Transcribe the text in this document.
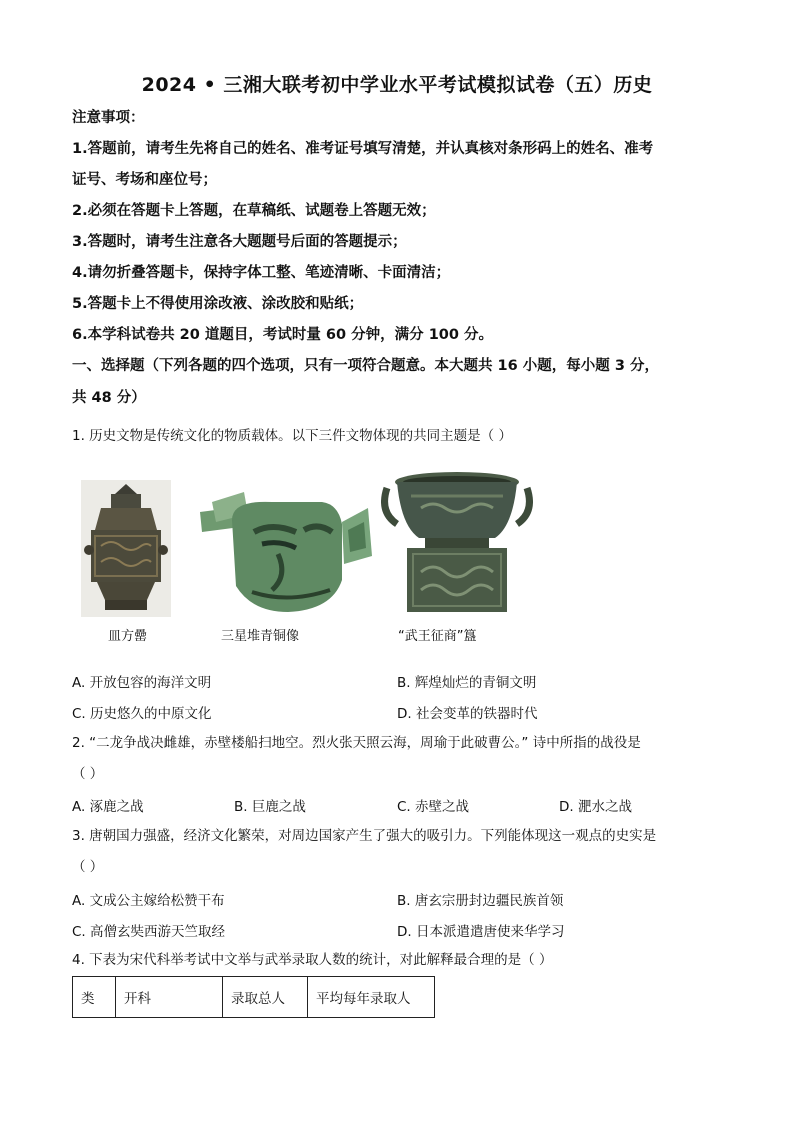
2024 • 三湘大联考初中学业水平考试模拟试卷（五）历史
注意事项：
1.答题前，请考生先将自己的姓名、准考证号填写清楚，并认真核对条形码上的姓名、准考
证号、考场和座位号；
2.必须在答题卡上答题，在草稿纸、试题卷上答题无效；
3.答题时，请考生注意各大题题号后面的答题提示；
4.请勿折叠答题卡，保持字体工整、笔迹清晰、卡面清洁；
5.答题卡上不得使用涂改液、涂改胶和贴纸；
6.本学科试卷共 20 道题目，考试时量 60 分钟，满分 100 分。
一、选择题（下列各题的四个选项，只有一项符合题意。本大题共 16 小题，每小题 3 分，
共 48 分）
1. 历史文物是传统文化的物质载体。以下三件文物体现的共同主题是（ ）
皿方罍	三星堆青铜像	“武王征商”簋
A. 开放包容的海洋文明	B. 辉煌灿烂的青铜文明
C. 历史悠久的中原文化	D. 社会变革的铁器时代
2. “二龙争战决雌雄，赤壁楼船扫地空。烈火张天照云海，周瑜于此破曹公。” 诗中所指的战役是
（ ）
A. 涿鹿之战	B. 巨鹿之战	C. 赤壁之战	D. 淝水之战
3. 唐朝国力强盛，经济文化繁荣，对周边国家产生了强大的吸引力。下列能体现这一观点的史实是
（ ）
A. 文成公主嫁给松赞干布	B. 唐玄宗册封边疆民族首领
C. 高僧玄奘西游天竺取经	D. 日本派遣遣唐使来华学习
4. 下表为宋代科举考试中文举与武举录取人数的统计，对此解释最合理的是（ ）
类	开科	录取总人	平均每年录取人
